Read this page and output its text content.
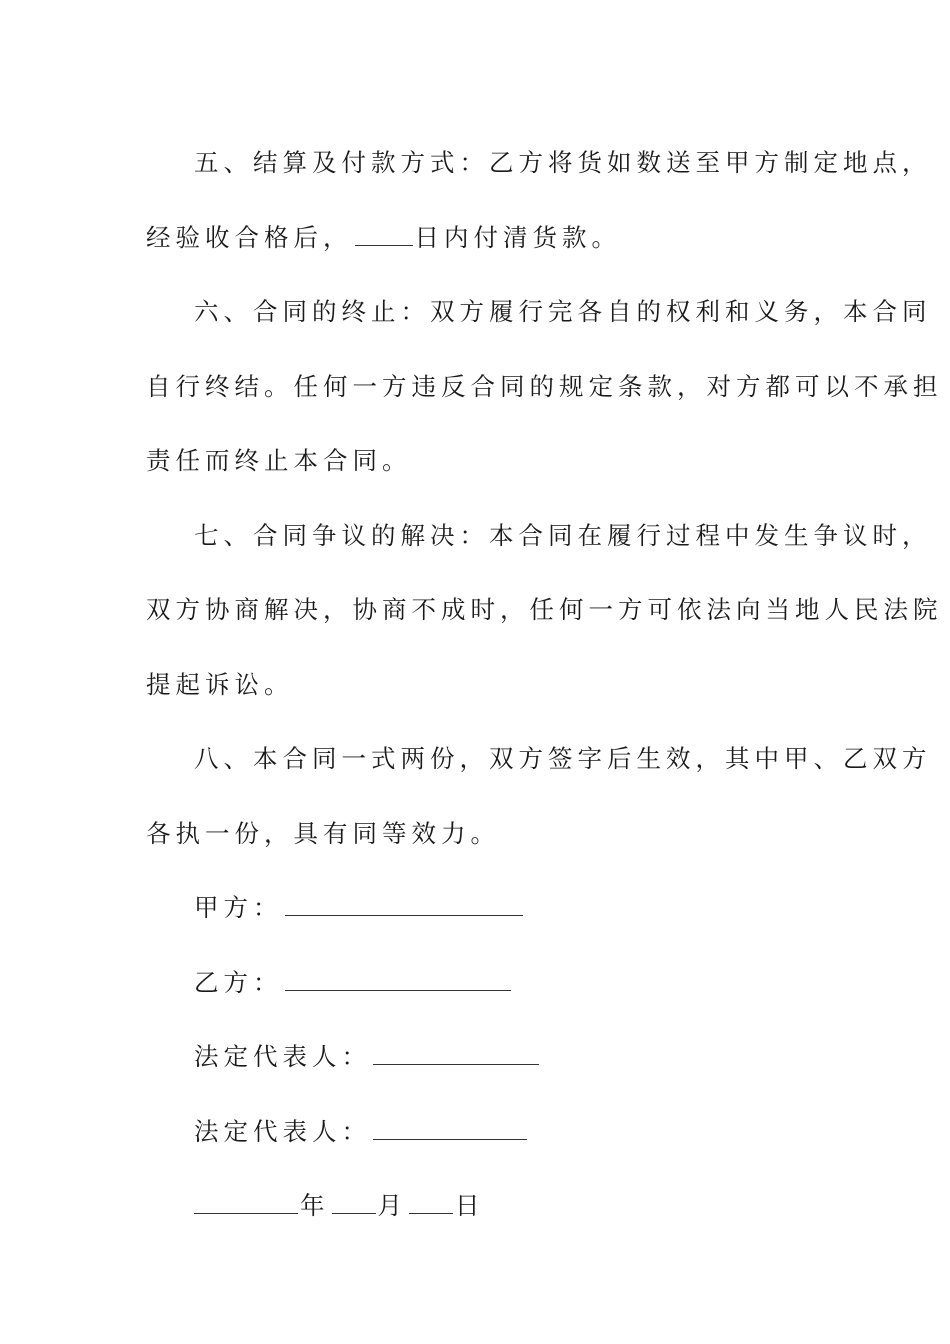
五、结算及付款方式：乙方将货如数送至甲方制定地点，
经验收合格后，	日内付清货款。
六、合同的终止：双方履行完各自的权利和义务，本合同
自行终结。任何一方违反合同的规定条款，对方都可以不承担
责任而终止本合同。
七、合同争议的解决：本合同在履行过程中发生争议时，
双方协商解决，协商不成时，任何一方可依法向当地人民法院
提起诉讼。
八、本合同一式两份，双方签字后生效，其中甲、乙双方
各执一份，具有同等效力。
甲方：
乙方：
法定代表人：
法定代表人：
年 月 日
